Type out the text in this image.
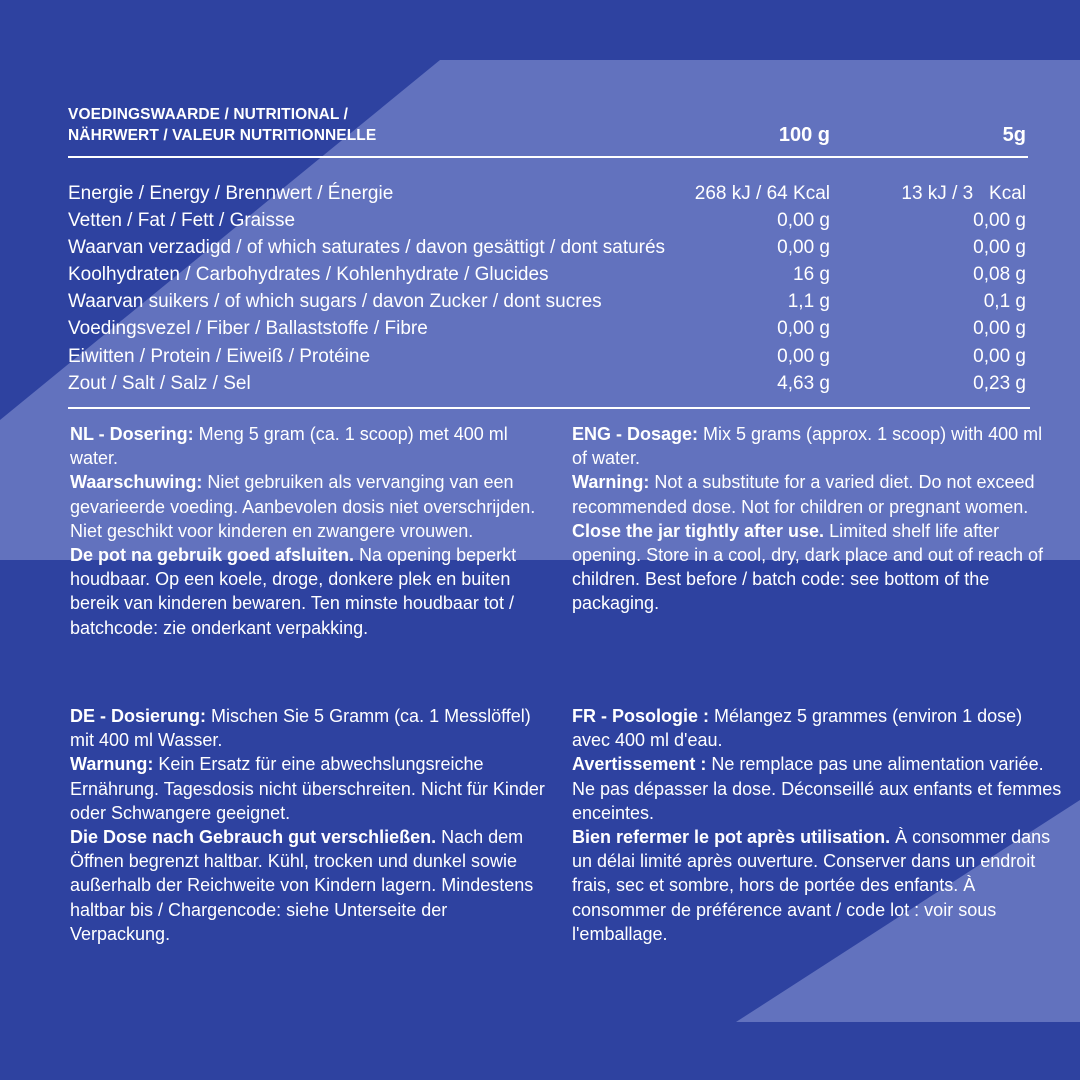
VOEDINGSWAARDE / NUTRITIONAL /
NÄHRWERT / VALEUR NUTRITIONNELLE	100 g	5g
Energie / Energy / Brennwert / Énergie	268 kJ / 64 Kcal	13 kJ / 3   Kcal
Vetten / Fat / Fett / Graisse	0,00 g	0,00 g
Waarvan verzadigd / of which saturates / davon gesättigt / dont saturés	0,00 g	0,00 g
Koolhydraten / Carbohydrates / Kohlenhydrate / Glucides	16 g	0,08 g
Waarvan suikers / of which sugars / davon Zucker / dont sucres	1,1 g	0,1 g
Voedingsvezel / Fiber / Ballaststoffe / Fibre	0,00 g	0,00 g
Eiwitten / Protein / Eiweiß / Protéine	0,00 g	0,00 g
Zout / Salt / Salz / Sel	4,63 g	0,23 g

NL - Dosering: Meng 5 gram (ca. 1 scoop) met 400 ml water.

Waarschuwing: Niet gebruiken als vervanging van een gevarieerde voeding. Aanbevolen dosis niet overschrijden. Niet geschikt voor kinderen en zwangere vrouwen.

De pot na gebruik goed afsluiten. Na opening beperkt houdbaar. Op een koele, droge, donkere plek en buiten bereik van kinderen bewaren. Ten minste houdbaar tot / batchcode: zie onderkant verpakking.

ENG - Dosage: Mix 5 grams (approx. 1 scoop) with 400 ml of water.

Warning: Not a substitute for a varied diet. Do not exceed recommended dose. Not for children or pregnant women.

Close the jar tightly after use. Limited shelf life after opening. Store in a cool, dry, dark place and out of reach of children. Best before / batch code: see bottom of the packaging.

DE - Dosierung: Mischen Sie 5 Gramm (ca. 1 Messlöffel) mit 400 ml Wasser.

Warnung: Kein Ersatz für eine abwechslungsreiche Ernährung. Tagesdosis nicht überschreiten. Nicht für Kinder oder Schwangere geeignet.

Die Dose nach Gebrauch gut verschließen. Nach dem Öffnen begrenzt haltbar. Kühl, trocken und dunkel sowie außerhalb der Reichweite von Kindern lagern. Mindestens haltbar bis / Chargencode: siehe Unterseite der Verpackung.

FR - Posologie : Mélangez 5 grammes (environ 1 dose) avec 400 ml d'eau.

Avertissement : Ne remplace pas une alimentation variée. Ne pas dépasser la dose. Déconseillé aux enfants et femmes enceintes.

Bien refermer le pot après utilisation. À consommer dans un délai limité après ouverture. Conserver dans un endroit frais, sec et sombre, hors de portée des enfants. À consommer de préférence avant / code lot : voir sous l'emballage.
